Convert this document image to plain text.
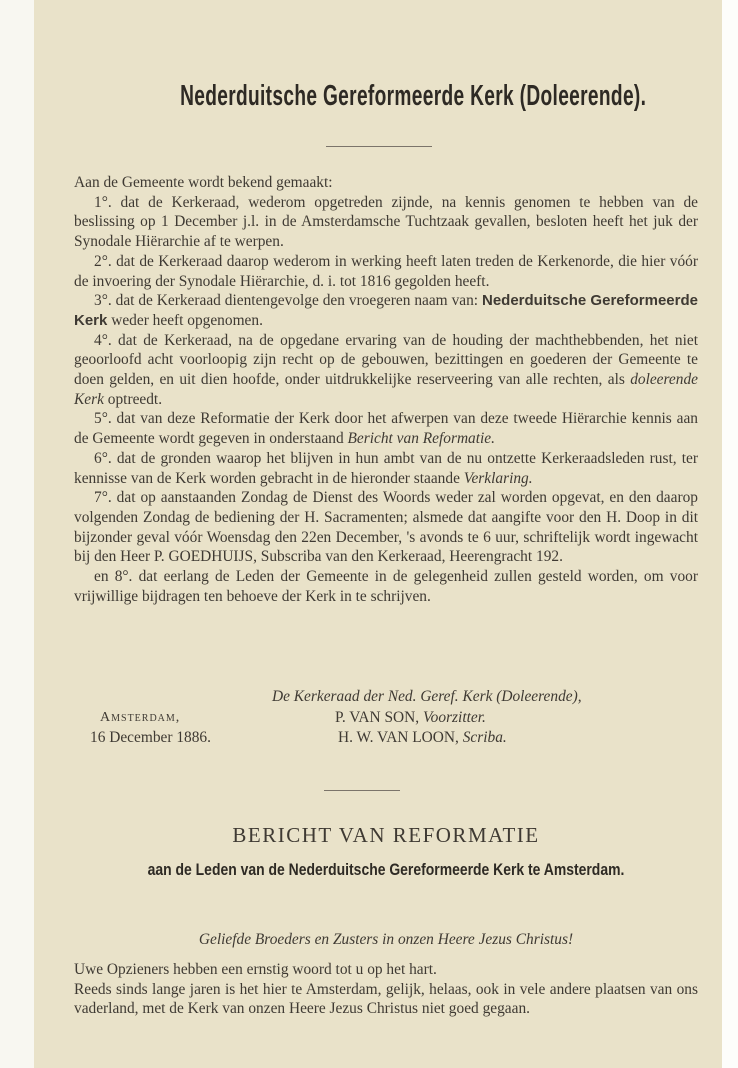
Nederduitsche Gereformeerde Kerk (Doleerende).

Aan de Gemeente wordt bekend gemaakt:

1°. dat de Kerkeraad, wederom opgetreden zijnde, na kennis genomen te hebben van de beslissing op 1 December j.l. in de Amsterdamsche Tuchtzaak gevallen, besloten heeft het juk der Synodale Hiërarchie af te werpen.

2°. dat de Kerkeraad daarop wederom in werking heeft laten treden de Kerkenorde, die hier vóór de invoering der Synodale Hiërarchie, d. i. tot 1816 gegolden heeft.

3°. dat de Kerkeraad dientengevolge den vroegeren naam van: Nederduitsche Gereformeerde Kerk weder heeft opgenomen.

4°. dat de Kerkeraad, na de opgedane ervaring van de houding der machthebbenden, het niet geoorloofd acht voorloopig zijn recht op de gebouwen, bezittingen en goederen der Gemeente te doen gelden, en uit dien hoofde, onder uitdrukkelijke reserveering van alle rechten, als doleerende Kerk optreedt.

5°. dat van deze Reformatie der Kerk door het afwerpen van deze tweede Hiërarchie kennis aan de Gemeente wordt gegeven in onderstaand Bericht van Reformatie.

6°. dat de gronden waarop het blijven in hun ambt van de nu ontzette Kerkeraadsleden rust, ter kennisse van de Kerk worden gebracht in de hieronder staande Verklaring.

7°. dat op aanstaanden Zondag de Dienst des Woords weder zal worden opgevat, en den daarop volgenden Zondag de bediening der H. Sacramenten; alsmede dat aangifte voor den H. Doop in dit bijzonder geval vóór Woensdag den 22en December, 's avonds te 6 uur, schriftelijk wordt ingewacht bij den Heer P. GOEDHUIJS, Subscriba van den Kerkeraad, Heerengracht 192.

en 8°. dat eerlang de Leden der Gemeente in de gelegenheid zullen gesteld worden, om voor vrijwillige bijdragen ten behoeve der Kerk in te schrijven.

De Kerkeraad der Ned. Geref. Kerk (Doleerende),
Amsterdam,
16 December 1886.
P. VAN SON, Voorzitter.
H. W. VAN LOON, Scriba.
BERICHT VAN REFORMATIE
aan de Leden van de Nederduitsche Gereformeerde Kerk te Amsterdam.
Geliefde Broeders en Zusters in onzen Heere Jezus Christus!

Uwe Opzieners hebben een ernstig woord tot u op het hart.

Reeds sinds lange jaren is het hier te Amsterdam, gelijk, helaas, ook in vele andere plaatsen van ons vaderland, met de Kerk van onzen Heere Jezus Christus niet goed gegaan.
